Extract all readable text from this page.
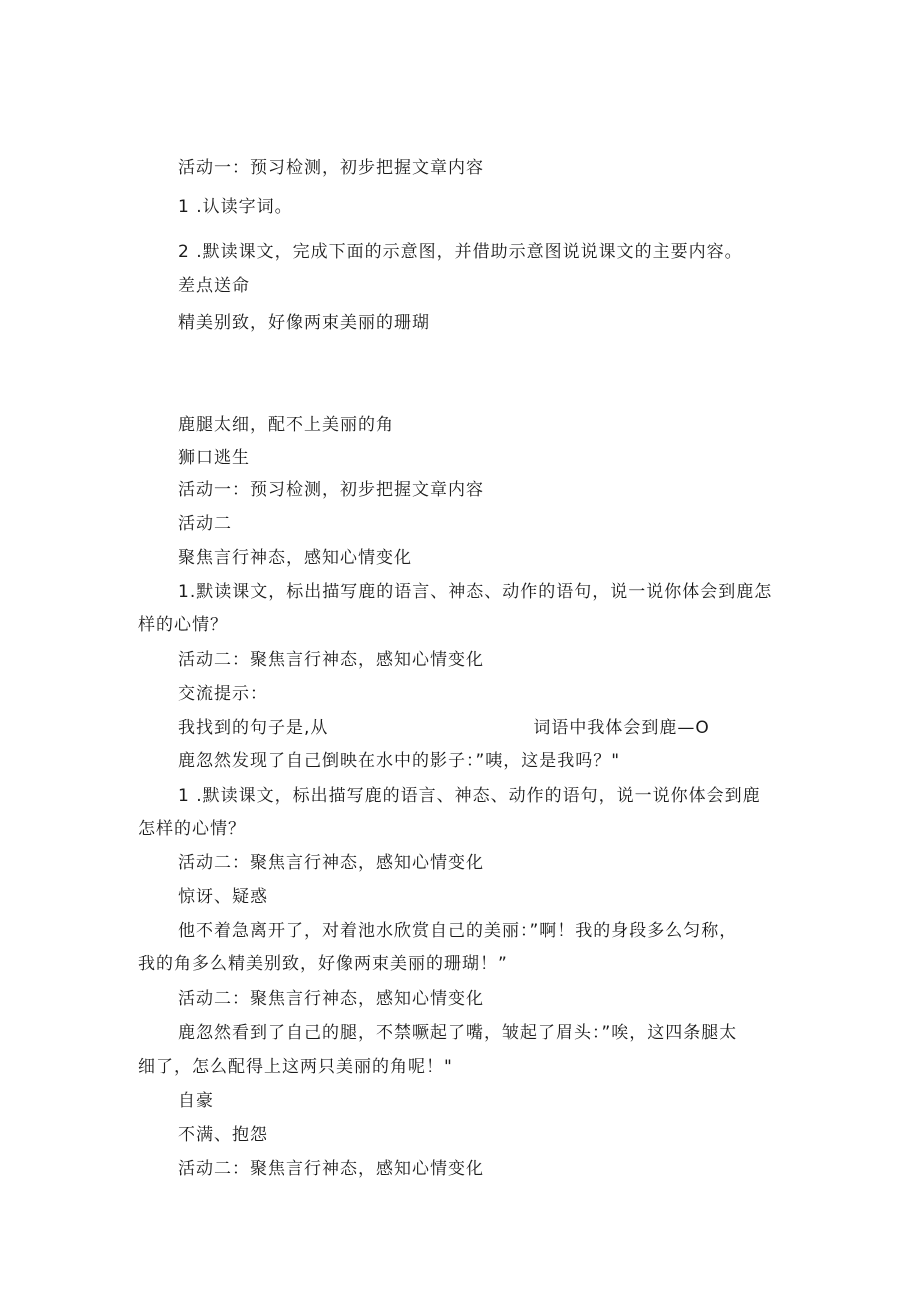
活动一：预习检测，初步把握文章内容
1 .认读字词。
2 .默读课文，完成下面的示意图，并借助示意图说说课文的主要内容。
差点送命
精美别致，好像两束美丽的珊瑚
鹿腿太细，配不上美丽的角
狮口逃生
活动一：预习检测，初步把握文章内容
活动二
聚焦言行神态，感知心情变化
1.默读课文，标出描写鹿的语言、神态、动作的语句，说一说你体会到鹿怎
样的心情？
活动二：聚焦言行神态，感知心情变化
交流提示：
我找到的句子是,从	词语中我体会到鹿—O
鹿忽然发现了自己倒映在水中的影子：”咦，这是我吗？"
1 .默读课文，标出描写鹿的语言、神态、动作的语句，说一说你体会到鹿
怎样的心情？
活动二：聚焦言行神态，感知心情变化
惊讶、疑惑
他不着急离开了，对着池水欣赏自己的美丽：”啊！我的身段多么匀称，
我的角多么精美别致，好像两束美丽的珊瑚！”
活动二：聚焦言行神态，感知心情变化
鹿忽然看到了自己的腿，不禁噘起了嘴，皱起了眉头：”唉，这四条腿太
细了，怎么配得上这两只美丽的角呢！"
自豪
不满、抱怨
活动二：聚焦言行神态，感知心情变化
